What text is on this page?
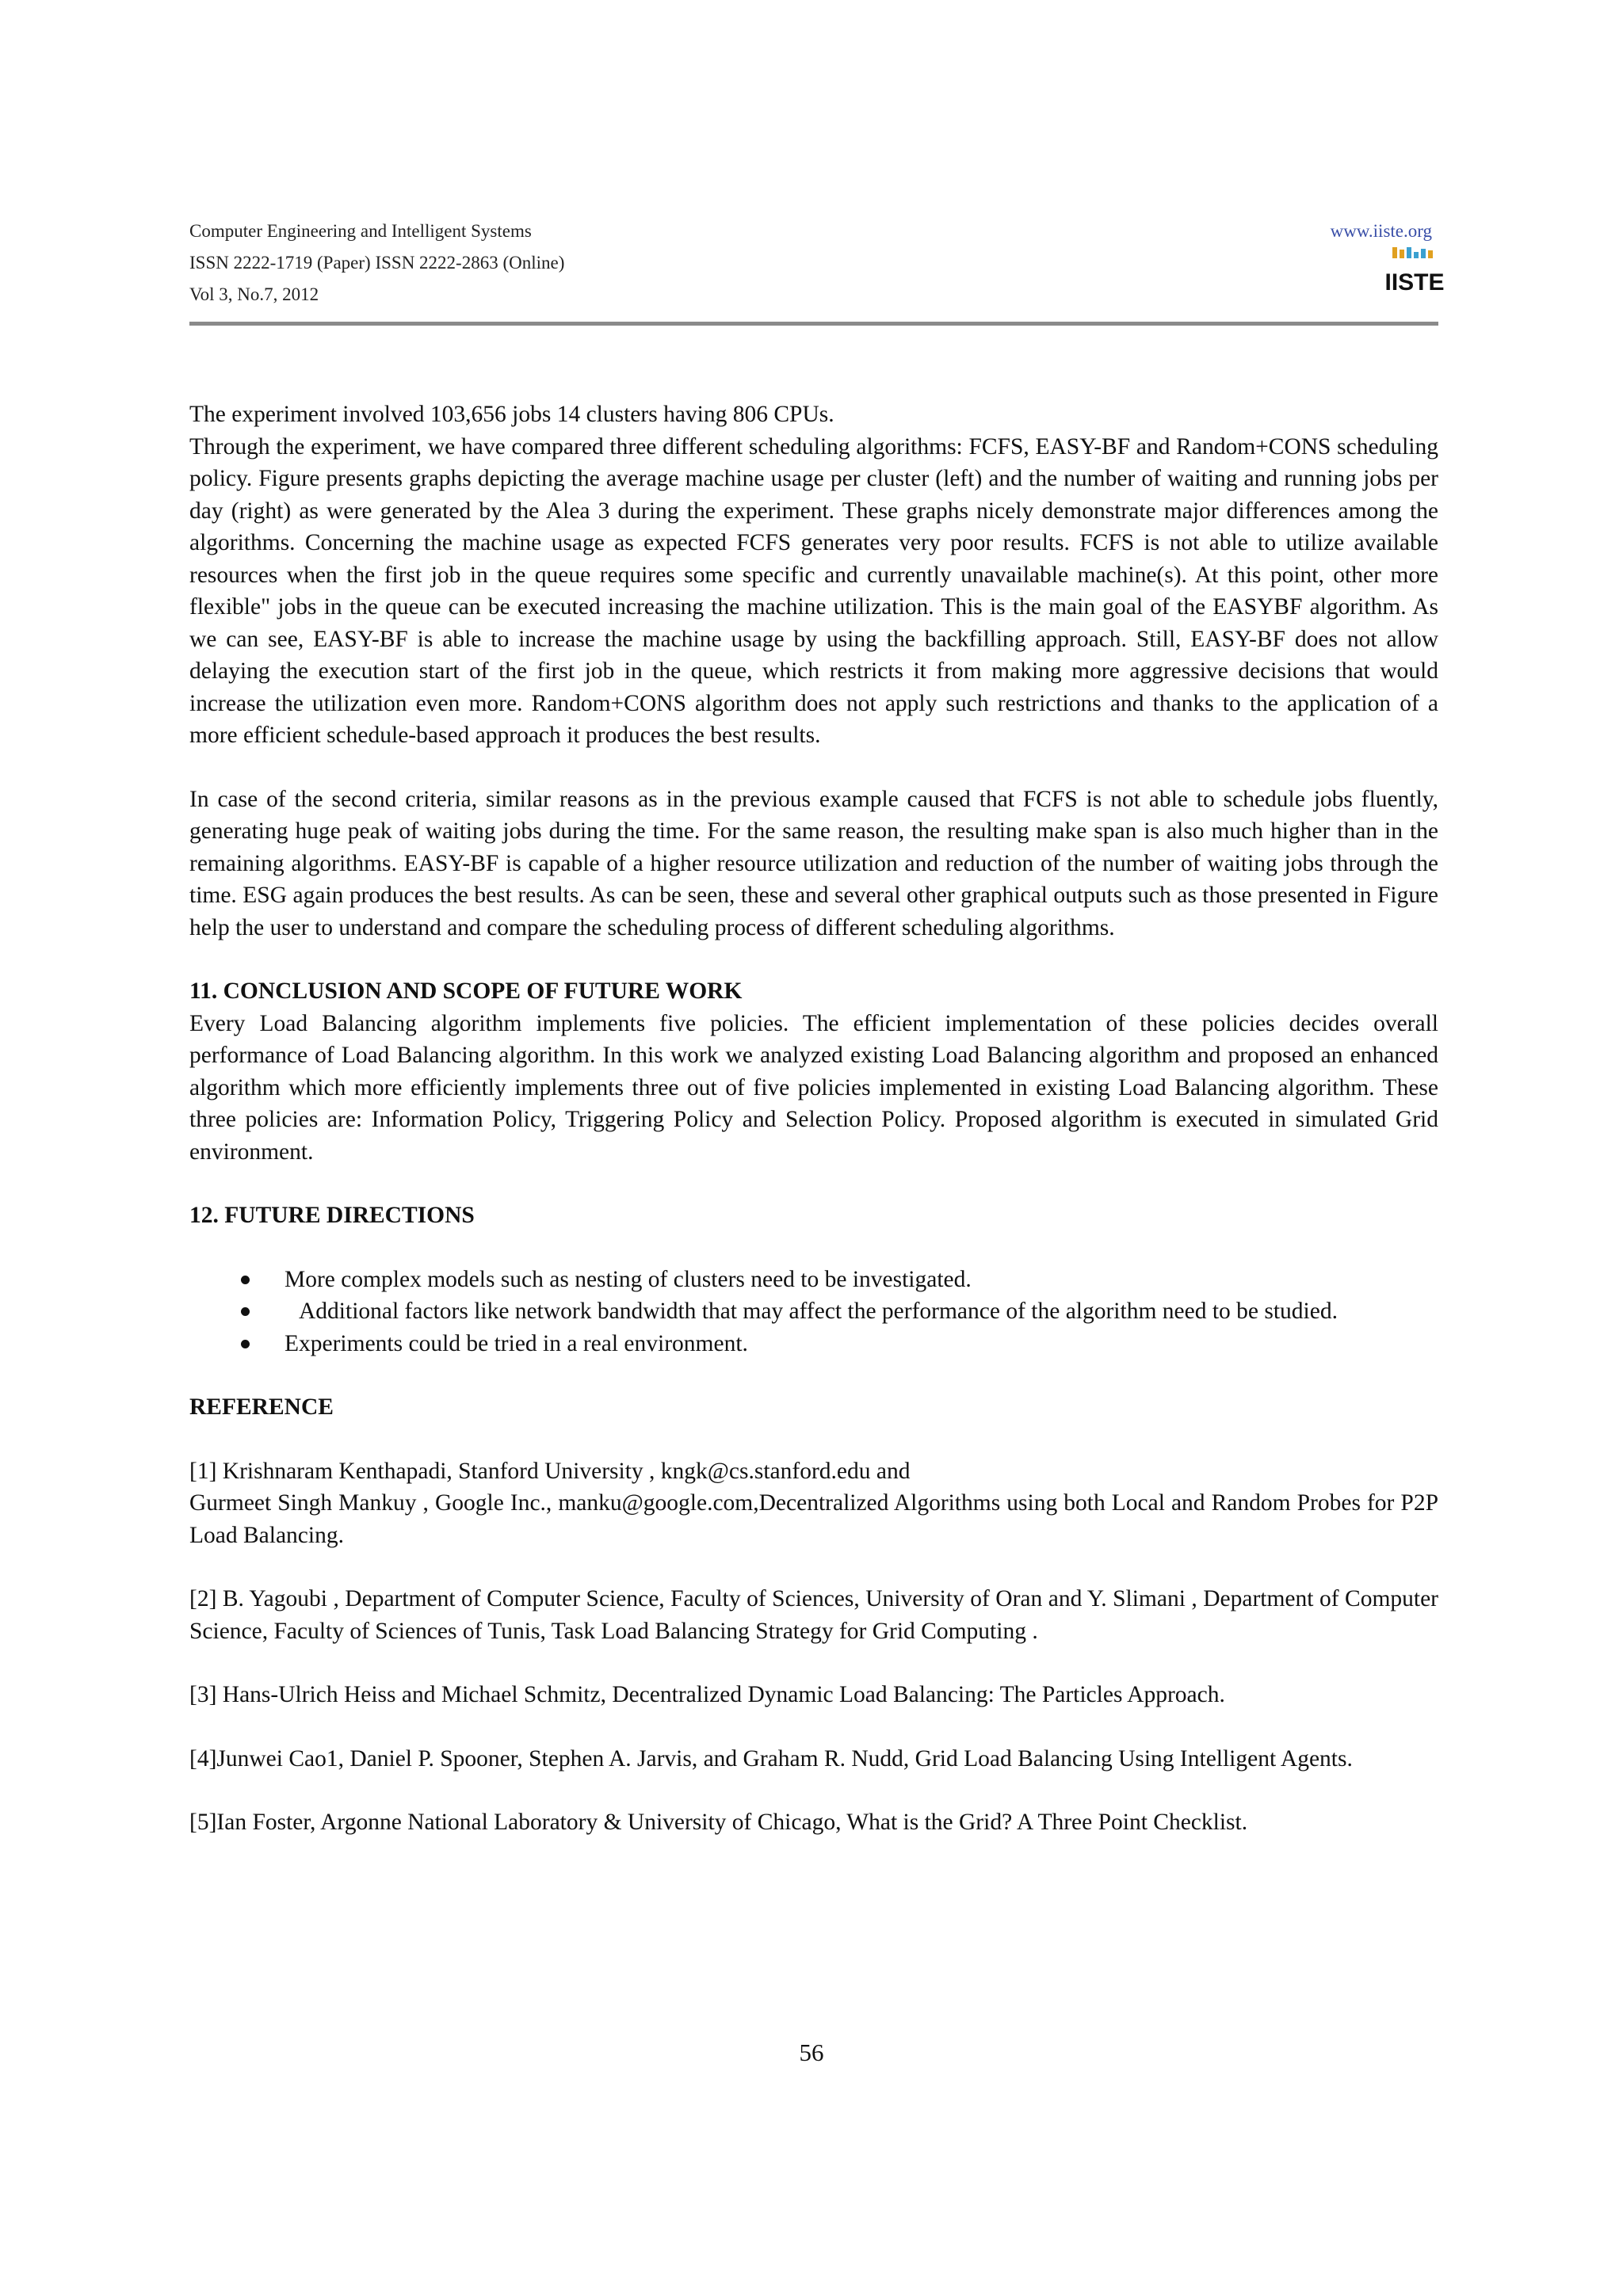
Computer Engineering and Intelligent Systems
ISSN 2222-1719 (Paper) ISSN 2222-2863 (Online)
Vol 3, No.7, 2012
www.iiste.org
IISTE

The experiment involved 103,656 jobs 14 clusters having 806 CPUs.

Through the experiment, we have compared three different scheduling algorithms: FCFS, EASY-BF and Random+CONS scheduling policy. Figure presents graphs depicting the average machine usage per cluster (left) and the number of waiting and running jobs per day (right) as were generated by the Alea 3 during the experiment. These graphs nicely demonstrate major differences among the algorithms. Concerning the machine usage as expected FCFS generates very poor results. FCFS is not able to utilize available resources when the first job in the queue requires some specific and currently unavailable machine(s). At this point, other more flexible" jobs in the queue can be executed increasing the machine utilization. This is the main goal of the EASYBF algorithm. As we can see, EASY-BF is able to increase the machine usage by using the backfilling approach. Still, EASY-BF does not allow delaying the execution start of the first job in the queue, which restricts it from making more aggressive decisions that would increase the utilization even more. Random+CONS algorithm does not apply such restrictions and thanks to the application of a more efficient schedule-based approach it produces the best results.

In case of the second criteria, similar reasons as in the previous example caused that FCFS is not able to schedule jobs fluently, generating huge peak of waiting jobs during the time. For the same reason, the resulting make span is also much higher than in the remaining algorithms. EASY-BF is capable of a higher resource utilization and reduction of the number of waiting jobs through the time. ESG again produces the best results. As can be seen, these and several other graphical outputs such as those presented in Figure help the user to understand and compare the scheduling process of different scheduling algorithms.

11. CONCLUSION AND SCOPE OF FUTURE WORK

Every Load Balancing algorithm implements five policies. The efficient implementation of these policies decides overall performance of Load Balancing algorithm. In this work we analyzed existing Load Balancing algorithm and proposed an enhanced algorithm which more efficiently implements three out of five policies implemented in existing Load Balancing algorithm. These three policies are: Information Policy, Triggering Policy and Selection Policy. Proposed algorithm is executed in simulated Grid environment.

12. FUTURE DIRECTIONS

More complex models such as nesting of clusters need to be investigated.
Additional factors like network bandwidth that may affect the performance of the algorithm need to be studied.
Experiments could be tried in a real environment.

REFERENCE

[1] Krishnaram Kenthapadi, Stanford University , kngk@cs.stanford.edu and

Gurmeet Singh Mankuy , Google Inc., manku@google.com,Decentralized Algorithms using both Local and Random Probes for P2P Load Balancing.

[2] B. Yagoubi , Department of Computer Science, Faculty of Sciences, University of Oran and Y. Slimani , Department of Computer Science, Faculty of Sciences of Tunis, Task Load Balancing Strategy for Grid Computing .

[3] Hans-Ulrich Heiss and Michael Schmitz, Decentralized Dynamic Load Balancing: The Particles Approach.

[4]Junwei Cao1, Daniel P. Spooner, Stephen A. Jarvis, and Graham R. Nudd, Grid Load Balancing Using Intelligent Agents.

[5]Ian Foster, Argonne National Laboratory & University of Chicago, What is the Grid? A Three Point Checklist.

56
